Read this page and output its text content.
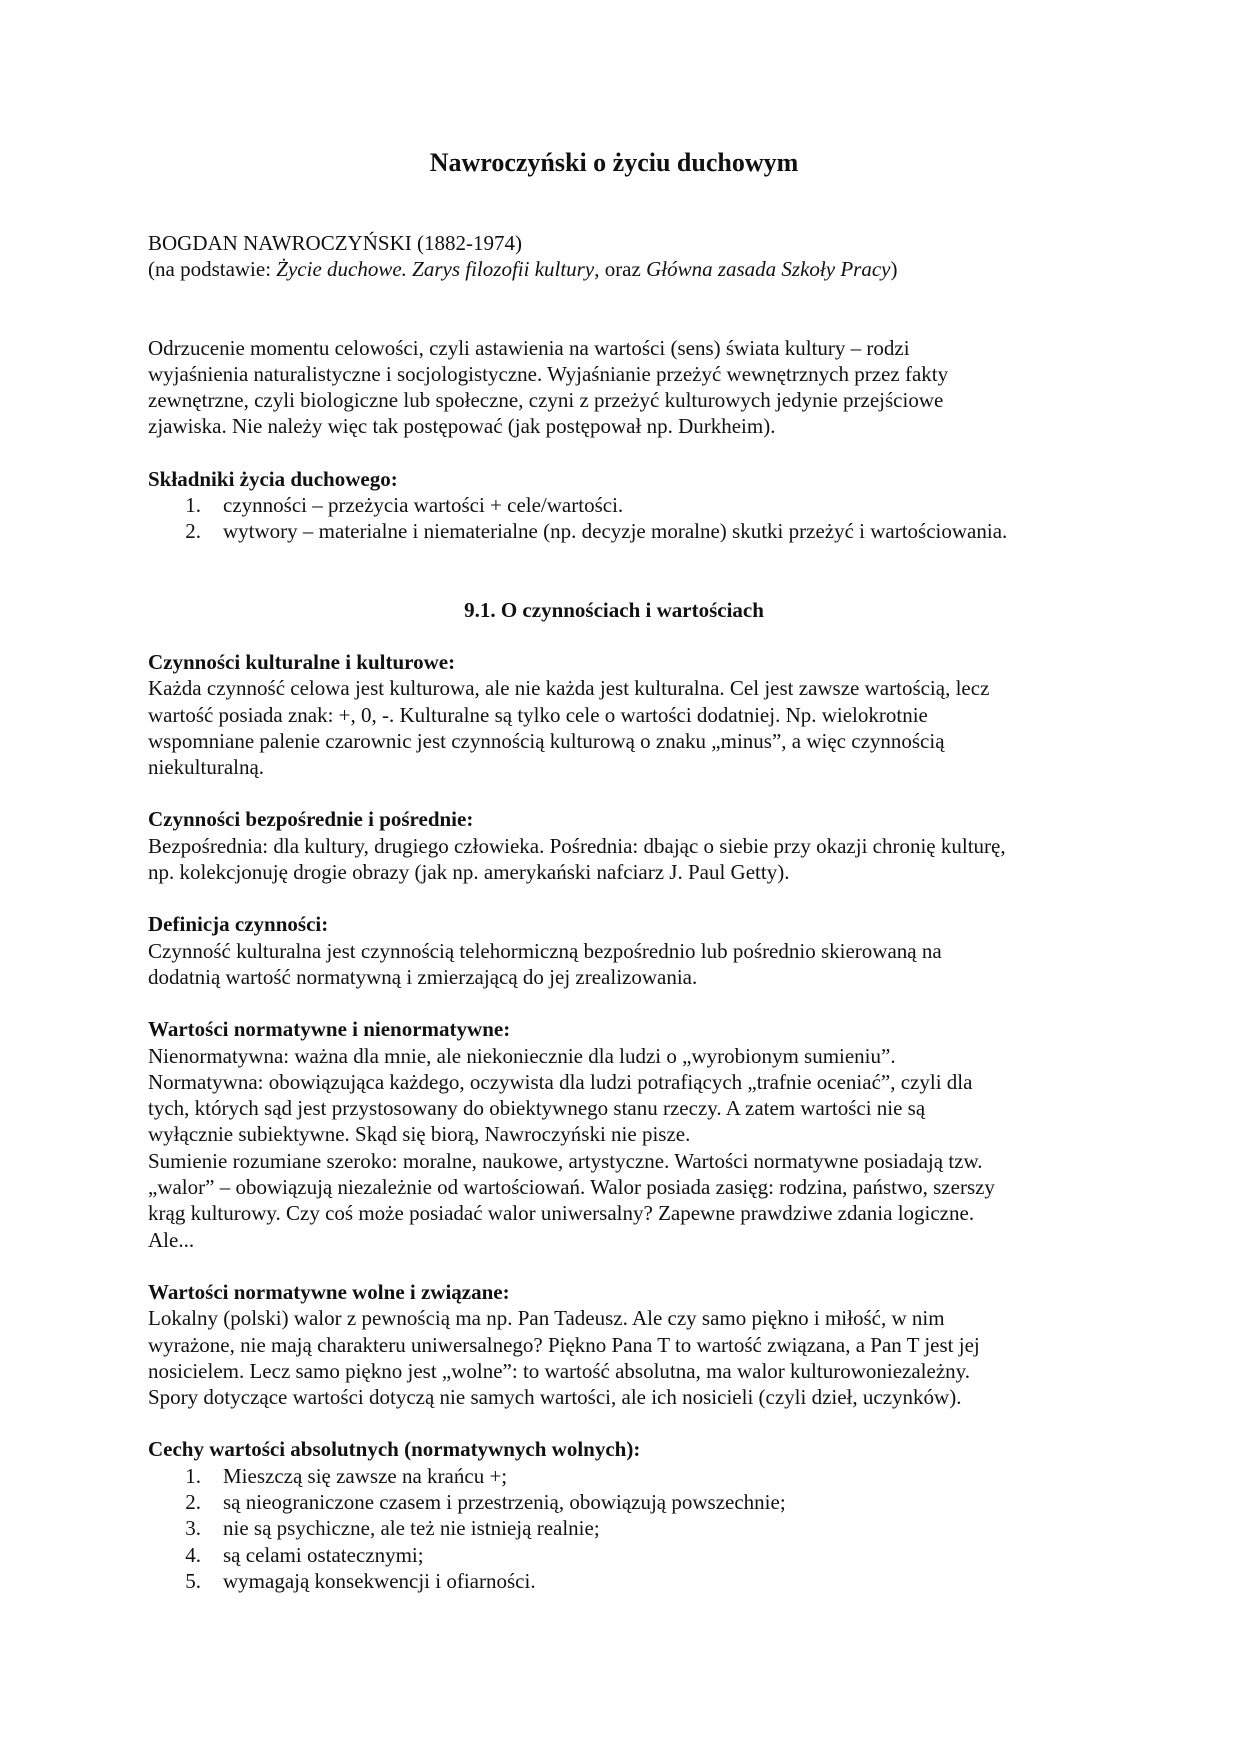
Nawroczyński o życiu duchowym

BOGDAN NAWROCZYŃSKI (1882-1974)

(na podstawie: Życie duchowe. Zarys filozofii kultury, oraz Główna zasada Szkoły Pracy)

Odrzucenie momentu celowości, czyli astawienia na wartości (sens) świata kultury – rodzi

wyjaśnienia naturalistyczne i socjologistyczne. Wyjaśnianie przeżyć wewnętrznych przez fakty

zewnętrzne, czyli biologiczne lub społeczne, czyni z przeżyć kulturowych jedynie przejściowe

zjawiska. Nie należy więc tak postępować (jak postępował np. Durkheim).

Składniki życia duchowego:

1.	czynności – przeżycia wartości + cele/wartości.
2.	wytwory – materialne i niematerialne (np. decyzje moralne) skutki przeżyć i wartościowania.

9.1. O czynnościach i wartościach

Czynności kulturalne i kulturowe:

Każda czynność celowa jest kulturowa, ale nie każda jest kulturalna. Cel jest zawsze wartością, lecz

wartość posiada znak: +, 0, -. Kulturalne są tylko cele o wartości dodatniej. Np. wielokrotnie

wspomniane palenie czarownic jest czynnością kulturową o znaku „minus”, a więc czynnością

niekulturalną.

Czynności bezpośrednie i pośrednie:

Bezpośrednia: dla kultury, drugiego człowieka. Pośrednia: dbając o siebie przy okazji chronię kulturę,

np. kolekcjonuję drogie obrazy (jak np. amerykański nafciarz J. Paul Getty).

Definicja czynności:

Czynność kulturalna jest czynnością telehormiczną bezpośrednio lub pośrednio skierowaną na

dodatnią wartość normatywną i zmierzającą do jej zrealizowania.

Wartości normatywne i nienormatywne:

Nienormatywna: ważna dla mnie, ale niekoniecznie dla ludzi o „wyrobionym sumieniu”.

Normatywna: obowiązująca każdego, oczywista dla ludzi potrafiących „trafnie oceniać”, czyli dla

tych, których sąd jest przystosowany do obiektywnego stanu rzeczy. A zatem wartości nie są

wyłącznie subiektywne. Skąd się biorą, Nawroczyński nie pisze.

Sumienie rozumiane szeroko: moralne, naukowe, artystyczne. Wartości normatywne posiadają tzw.

„walor” – obowiązują niezależnie od wartościowań. Walor posiada zasięg: rodzina, państwo, szerszy

krąg kulturowy. Czy coś może posiadać walor uniwersalny? Zapewne prawdziwe zdania logiczne.

Ale...

Wartości normatywne wolne i związane:

Lokalny (polski) walor z pewnością ma np. Pan Tadeusz. Ale czy samo piękno i miłość, w nim

wyrażone, nie mają charakteru uniwersalnego? Piękno Pana T to wartość związana, a Pan T jest jej

nosicielem. Lecz samo piękno jest „wolne”: to wartość absolutna, ma walor kulturowoniezależny.

Spory dotyczące wartości dotyczą nie samych wartości, ale ich nosicieli (czyli dzieł, uczynków).

Cechy wartości absolutnych (normatywnych wolnych):

1.	Mieszczą się zawsze na krańcu +;
2.	są nieograniczone czasem i przestrzenią, obowiązują powszechnie;
3.	nie są psychiczne, ale też nie istnieją realnie;
4.	są celami ostatecznymi;
5.	wymagają konsekwencji i ofiarności.
